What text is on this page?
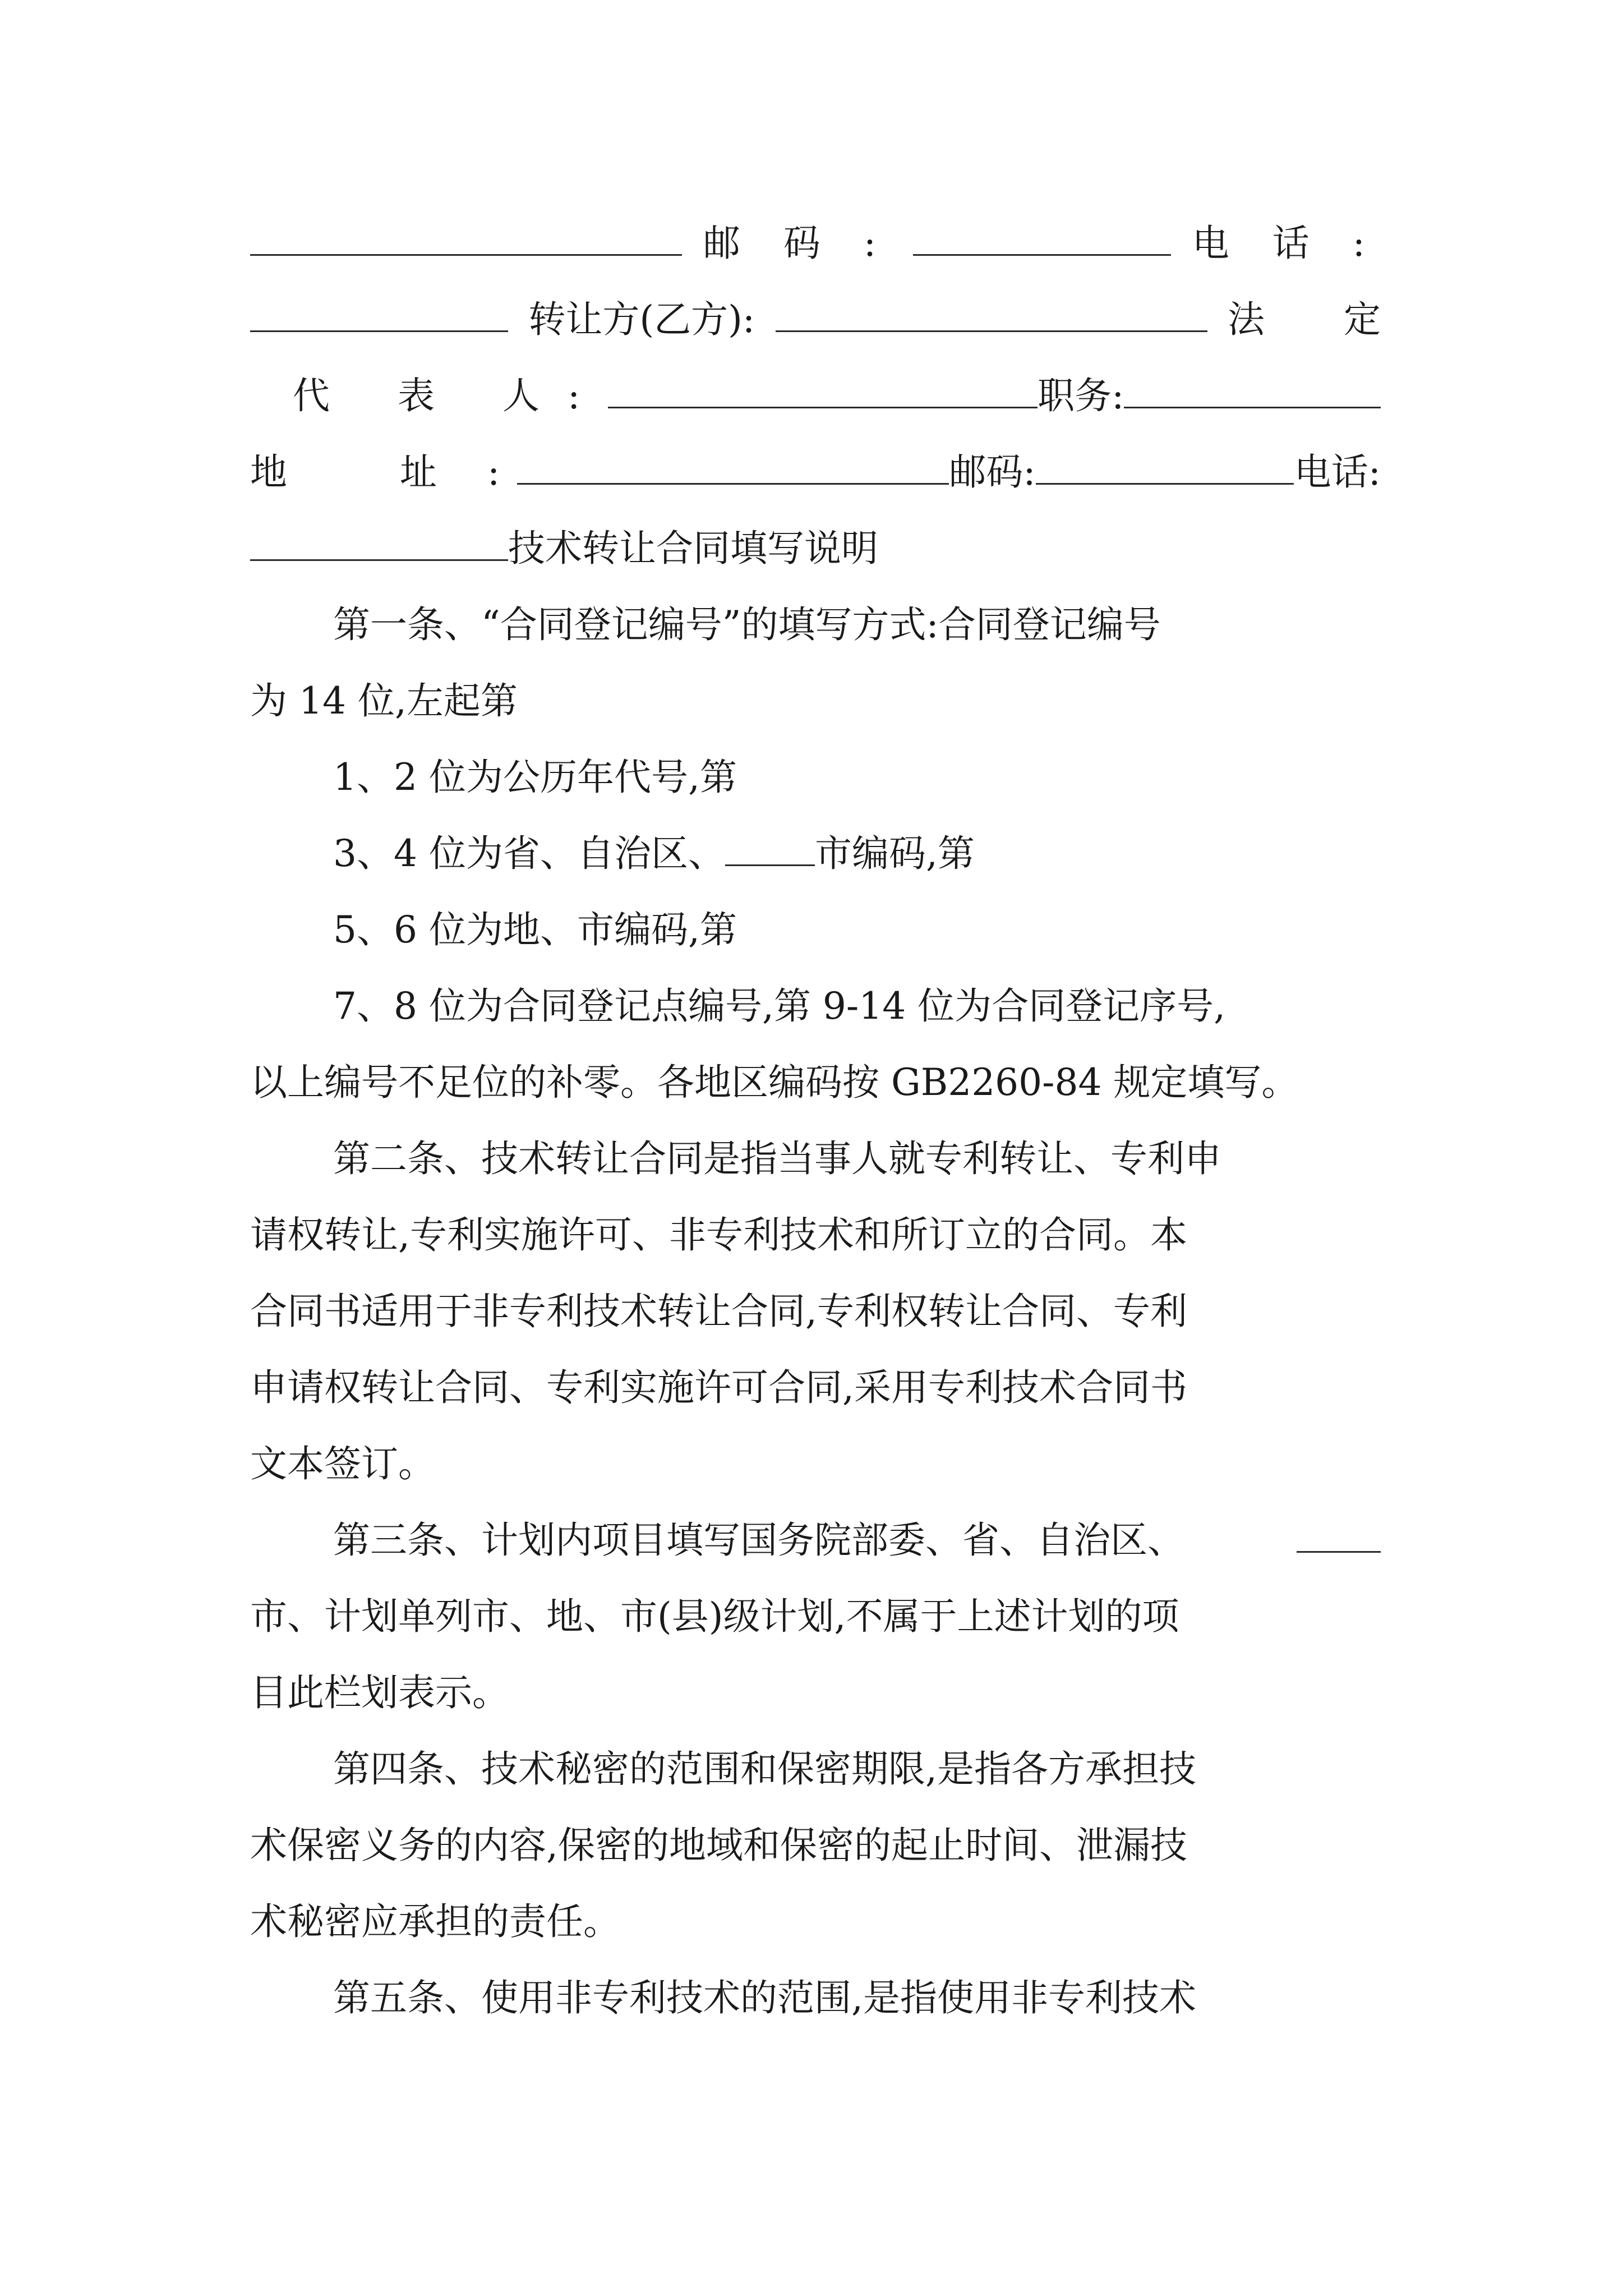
邮 码 :	电 话 :
转让方(乙方):	法 定
代 表 人:	职务:
地 址:	邮码:	电话:
技术转让合同填写说明
第一条、“合同登记编号”的填写方式:合同登记编号
为 14 位,左起第
1、2 位为公历年代号,第
3、4 位为省、自治区、 市编码,第
5、6 位为地、市编码,第
7、8 位为合同登记点编号,第 9-14 位为合同登记序号,
以上编号不足位的补零。各地区编码按 GB2260-84 规定填写。
第二条、技术转让合同是指当事人就专利转让、专利申
请权转让,专利实施许可、非专利技术和所订立的合同。本
合同书适用于非专利技术转让合同,专利权转让合同、专利
申请权转让合同、专利实施许可合同,采用专利技术合同书
文本签订。
第三条、计划内项目填写国务院部委、省、自治区、
市、计划单列市、地、市(县)级计划,不属于上述计划的项
目此栏划表示。
第四条、技术秘密的范围和保密期限,是指各方承担技
术保密义务的内容,保密的地域和保密的起止时间、泄漏技
术秘密应承担的责任。
第五条、使用非专利技术的范围,是指使用非专利技术
